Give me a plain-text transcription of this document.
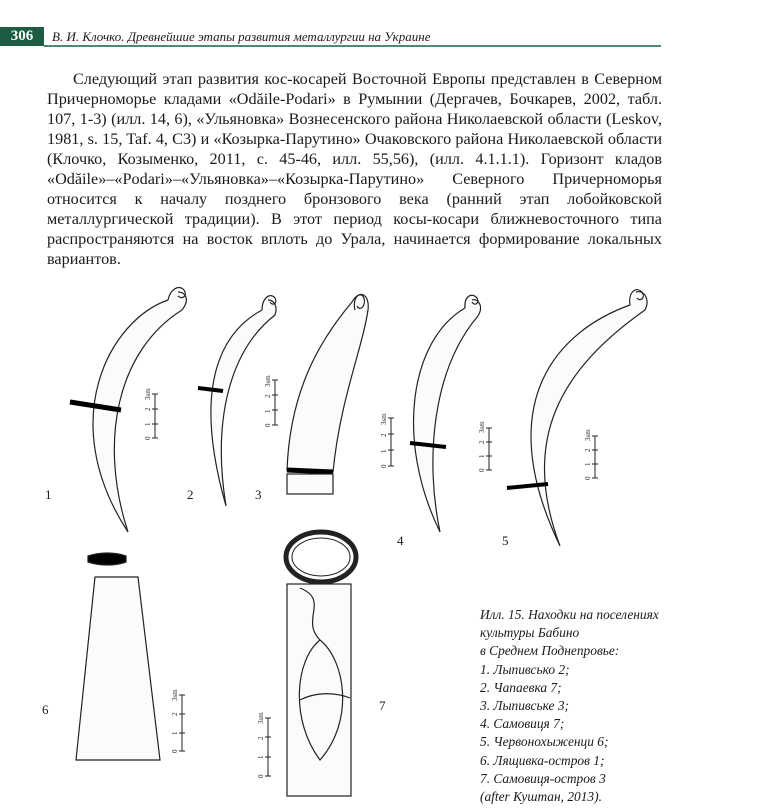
306	В. И. Клочко. Древнейшие этапы развития металлургии на Украине

Следующий этап развития кос-косарей Восточной Европы представлен в Северном Причерноморье кладами «Odăile-Podari» в Румынии (Дергачев, Бочкарев, 2002, табл. 107, 1-3) (илл. 14, 6), «Ульяновка» Вознесенского района Николаевской области (Leskov, 1981, s. 15, Taf. 4, C3) и «Козырка-Парутино» Очаковского района Николаевской области (Клочко, Козыменко, 2011, с. 45-46, илл. 55,56), (илл. 4.1.1.1). Горизонт кладов «Odăile»–«Podari»–«Ульяновка»–«Козырка-Парутино» Северного Причерноморья относится к началу позднего бронзового века (ранний этап лобойковской металлургической традиции). В этот период косы-косари ближневосточного типа распространяются на восток вплоть до Урала, начинается формирование локальных вариантов.

0
1
2
3sm
0
1
2
3sm
0
1
2
3sm
0
1
2
3sm
0
1
2
3sm
0
1
2
3sm
0
1
2
3sm
1	2	3
4	5
6	7
Илл. 15. Находки на поселениях
культуры Бабино
в Среднем Поднепровье:
1. Лыпивсько 2;
2. Чапаевка 7;
3. Лыпивське 3;
4. Самовиця 7;
5. Червонохыженци 6;
6. Лящивка-остров 1;
7. Самовиця-остров 3
(after Куштан, 2013).
